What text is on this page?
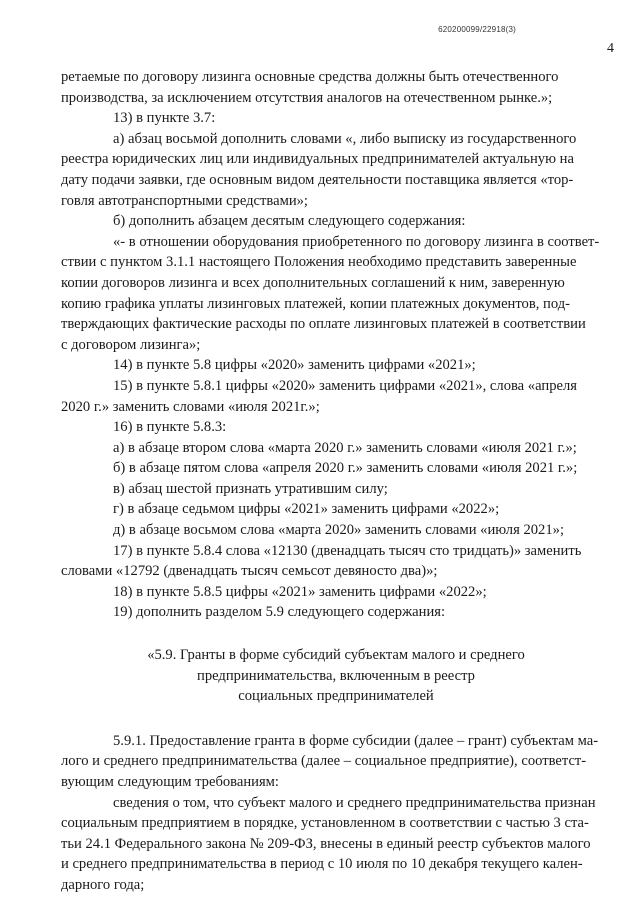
620200099/22918(3)
4

ретаемые по договору лизинга основные средства должны быть отечественного
производства, за исключением отсутствия аналогов на отечественном рынке.»;

13) в пункте 3.7:

а) абзац восьмой дополнить словами «, либо выписку из государственного
реестра юридических лиц или индивидуальных предпринимателей актуальную на
дату подачи заявки, где основным видом деятельности поставщика является «тор-
говля автотранспортными средствами»;

б) дополнить абзацем десятым следующего содержания:

«- в отношении оборудования приобретенного по договору лизинга в соответ-
ствии с пунктом 3.1.1 настоящего Положения необходимо представить заверенные
копии договоров лизинга и всех дополнительных соглашений к ним, заверенную
копию графика уплаты лизинговых платежей, копии платежных документов, под-
тверждающих фактические расходы по оплате лизинговых платежей в соответствии
с договором лизинга»;

14) в пункте 5.8 цифры «2020» заменить цифрами «2021»;

15) в пункте 5.8.1 цифры «2020» заменить цифрами «2021», слова «апреля
2020 г.» заменить словами «июля 2021г.»;

16) в пункте 5.8.3:

а) в абзаце втором слова «марта 2020 г.» заменить словами «июля 2021 г.»;

б) в абзаце пятом слова «апреля 2020 г.» заменить словами «июля 2021 г.»;

в) абзац шестой признать утратившим силу;

г) в абзаце седьмом цифры «2021» заменить цифрами «2022»;

д) в абзаце восьмом слова «марта 2020» заменить словами «июля 2021»;

17) в пункте 5.8.4 слова «12130 (двенадцать тысяч сто тридцать)» заменить
словами «12792 (двенадцать тысяч семьсот девяносто два)»;

18) в пункте 5.8.5 цифры «2021» заменить цифрами «2022»;

19) дополнить разделом 5.9 следующего содержания:

«5.9. Гранты в форме субсидий субъектам малого и среднего
предпринимательства, включенным в реестр
социальных предпринимателей

5.9.1. Предоставление гранта в форме субсидии (далее – грант) субъектам ма-
лого и среднего предпринимательства (далее – социальное предприятие), соответст-
вующим следующим требованиям:

сведения о том, что субъект малого и среднего предпринимательства признан
социальным предприятием в порядке, установленном в соответствии с частью 3 ста-
тьи 24.1 Федерального закона № 209-ФЗ, внесены в единый реестр субъектов малого
и среднего предпринимательства в период с 10 июля по 10 декабря текущего кален-
дарного года;
